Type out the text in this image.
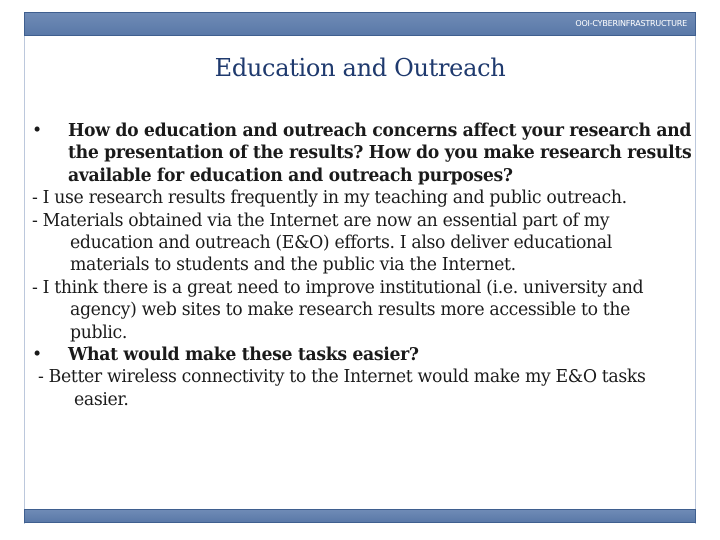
OOI-CYBERINFRASTRUCTURE
Education and Outreach
•	How do education and outreach concerns affect your research and the presentation of the results? How do you make research results available for education and outreach purposes?
- I use research results frequently in my teaching and public outreach.
- Materials obtained via the Internet are now an essential part of my education and outreach (E&O) efforts. I also deliver educational materials to students and the public via the Internet.
- I think there is a great need to improve institutional (i.e. university and agency) web sites to make research results more accessible to the public.
•	What would make these tasks easier?
- Better wireless connectivity to the Internet would make my E&O tasks easier.
